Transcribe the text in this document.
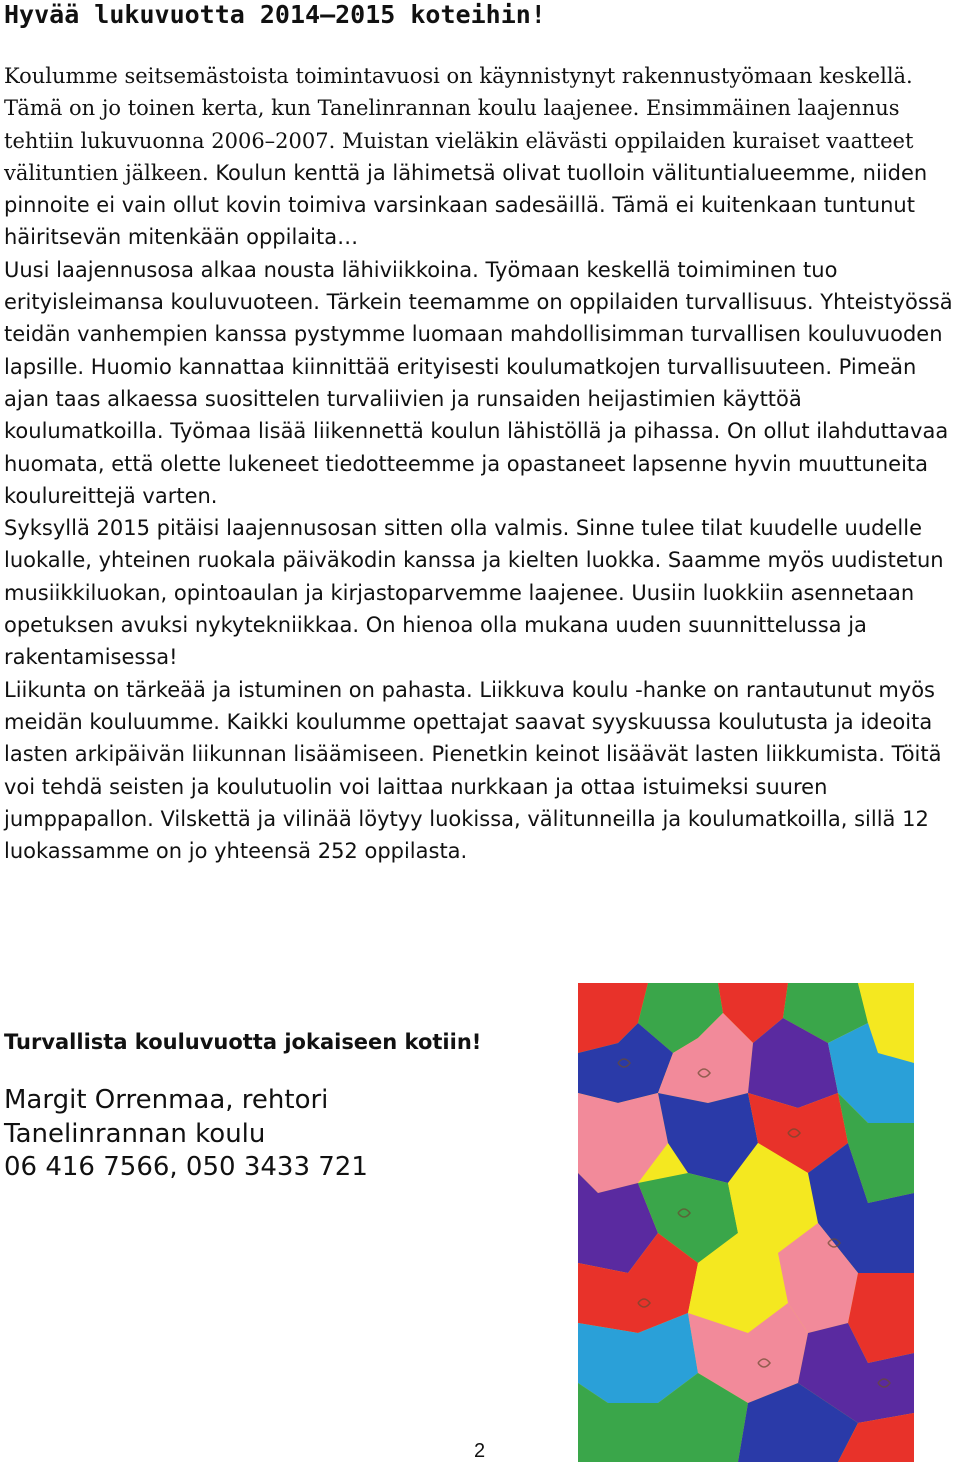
Hyvää lukuvuotta 2014–2015 koteihin!
Koulumme seitsemästoista toimintavuosi on käynnistynyt rakennustyömaan keskellä. Tämä on jo toinen kerta, kun Tanelinrannan koulu laajenee. Ensimmäinen laajennus tehtiin lukuvuonna 2006–2007. Muistan vieläkin elävästi oppilaiden kuraiset vaatteet välituntien jälkeen. Koulun kenttä ja lähimetsä olivat tuolloin välituntialueemme, niiden pinnoite ei vain ollut kovin toimiva varsinkaan sadesäillä. Tämä ei kuitenkaan tuntunut häiritsevän mitenkään oppilaita…
Uusi laajennusosa alkaa nousta lähiviikkoina. Työmaan keskellä toimiminen tuo erityisleimansa kouluvuoteen. Tärkein teemamme on oppilaiden turvallisuus. Yhteistyössä teidän vanhempien kanssa pystymme luomaan mahdollisimman turvallisen kouluvuoden lapsille. Huomio kannattaa kiinnittää erityisesti koulumatkojen turvallisuuteen. Pimeän ajan taas alkaessa suosittelen turvaliivien ja runsaiden heijastimien käyttöä koulumatkoilla. Työmaa lisää liikennettä koulun lähistöllä ja pihassa. On ollut ilahduttavaa huomata, että olette lukeneet tiedotteemme ja opastaneet lapsenne hyvin muuttuneita koulureittejä varten.
Syksyllä 2015 pitäisi laajennusosan sitten olla valmis. Sinne tulee tilat kuudelle uudelle luokalle, yhteinen ruokala päiväkodin kanssa ja kielten luokka. Saamme myös uudistetun musiikkiluokan, opintoaulan ja kirjastoparvemme laajenee. Uusiin luokkiin asennetaan opetuksen avuksi nykytekniikkaa. On hienoa olla mukana uuden suunnittelussa ja rakentamisessa!
Liikunta on tärkeää ja istuminen on pahasta. Liikkuva koulu -hanke on rantautunut myös meidän kouluumme. Kaikki koulumme opettajat saavat syyskuussa koulutusta ja ideoita lasten arkipäivän liikunnan lisäämiseen. Pienetkin keinot lisäävät lasten liikkumista. Töitä voi tehdä seisten ja koulutuolin voi laittaa nurkkaan ja ottaa istuimeksi suuren jumppapallon. Vilskettä ja vilinää löytyy luokissa, välitunneilla ja koulumatkoilla, sillä 12 luokassamme on jo yhteensä 252 oppilasta.

Turvallista kouluvuotta jokaiseen kotiin!

Margit Orrenmaa, rehtori
Tanelinrannan koulu
06 416 7566, 050 3433 721

2
